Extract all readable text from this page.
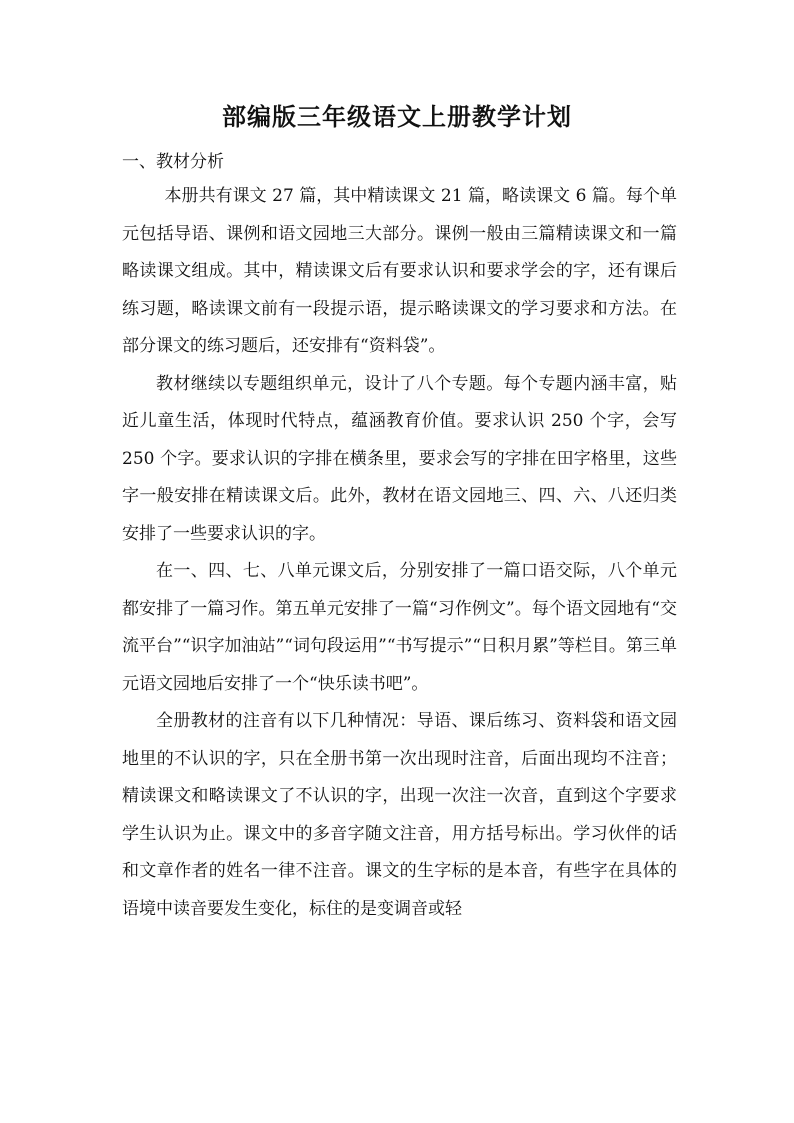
部编版三年级语文上册教学计划
一、教材分析

本册共有课文 27 篇，其中精读课文 21 篇，略读课文 6 篇。每个单元包括导语、课例和语文园地三大部分。课例一般由三篇精读课文和一篇略读课文组成。其中，精读课文后有要求认识和要求学会的字，还有课后练习题，略读课文前有一段提示语，提示略读课文的学习要求和方法。在部分课文的练习题后，还安排有“资料袋”。

教材继续以专题组织单元，设计了八个专题。每个专题内涵丰富，贴近儿童生活，体现时代特点，蕴涵教育价值。要求认识 250 个字，会写 250 个字。要求认识的字排在横条里，要求会写的字排在田字格里，这些字一般安排在精读课文后。此外，教材在语文园地三、四、六、八还归类安排了一些要求认识的字。

在一、四、七、八单元课文后，分别安排了一篇口语交际，八个单元都安排了一篇习作。第五单元安排了一篇“习作例文”。每个语文园地有“交流平台”“识字加油站”“词句段运用”“书写提示”“日积月累”等栏目。第三单元语文园地后安排了一个“快乐读书吧”。

全册教材的注音有以下几种情况：导语、课后练习、资料袋和语文园地里的不认识的字，只在全册书第一次出现时注音，后面出现均不注音；精读课文和略读课文了不认识的字，出现一次注一次音，直到这个字要求学生认识为止。课文中的多音字随文注音，用方括号标出。学习伙伴的话和文章作者的姓名一律不注音。课文的生字标的是本音，有些字在具体的语境中读音要发生变化，标住的是变调音或轻
